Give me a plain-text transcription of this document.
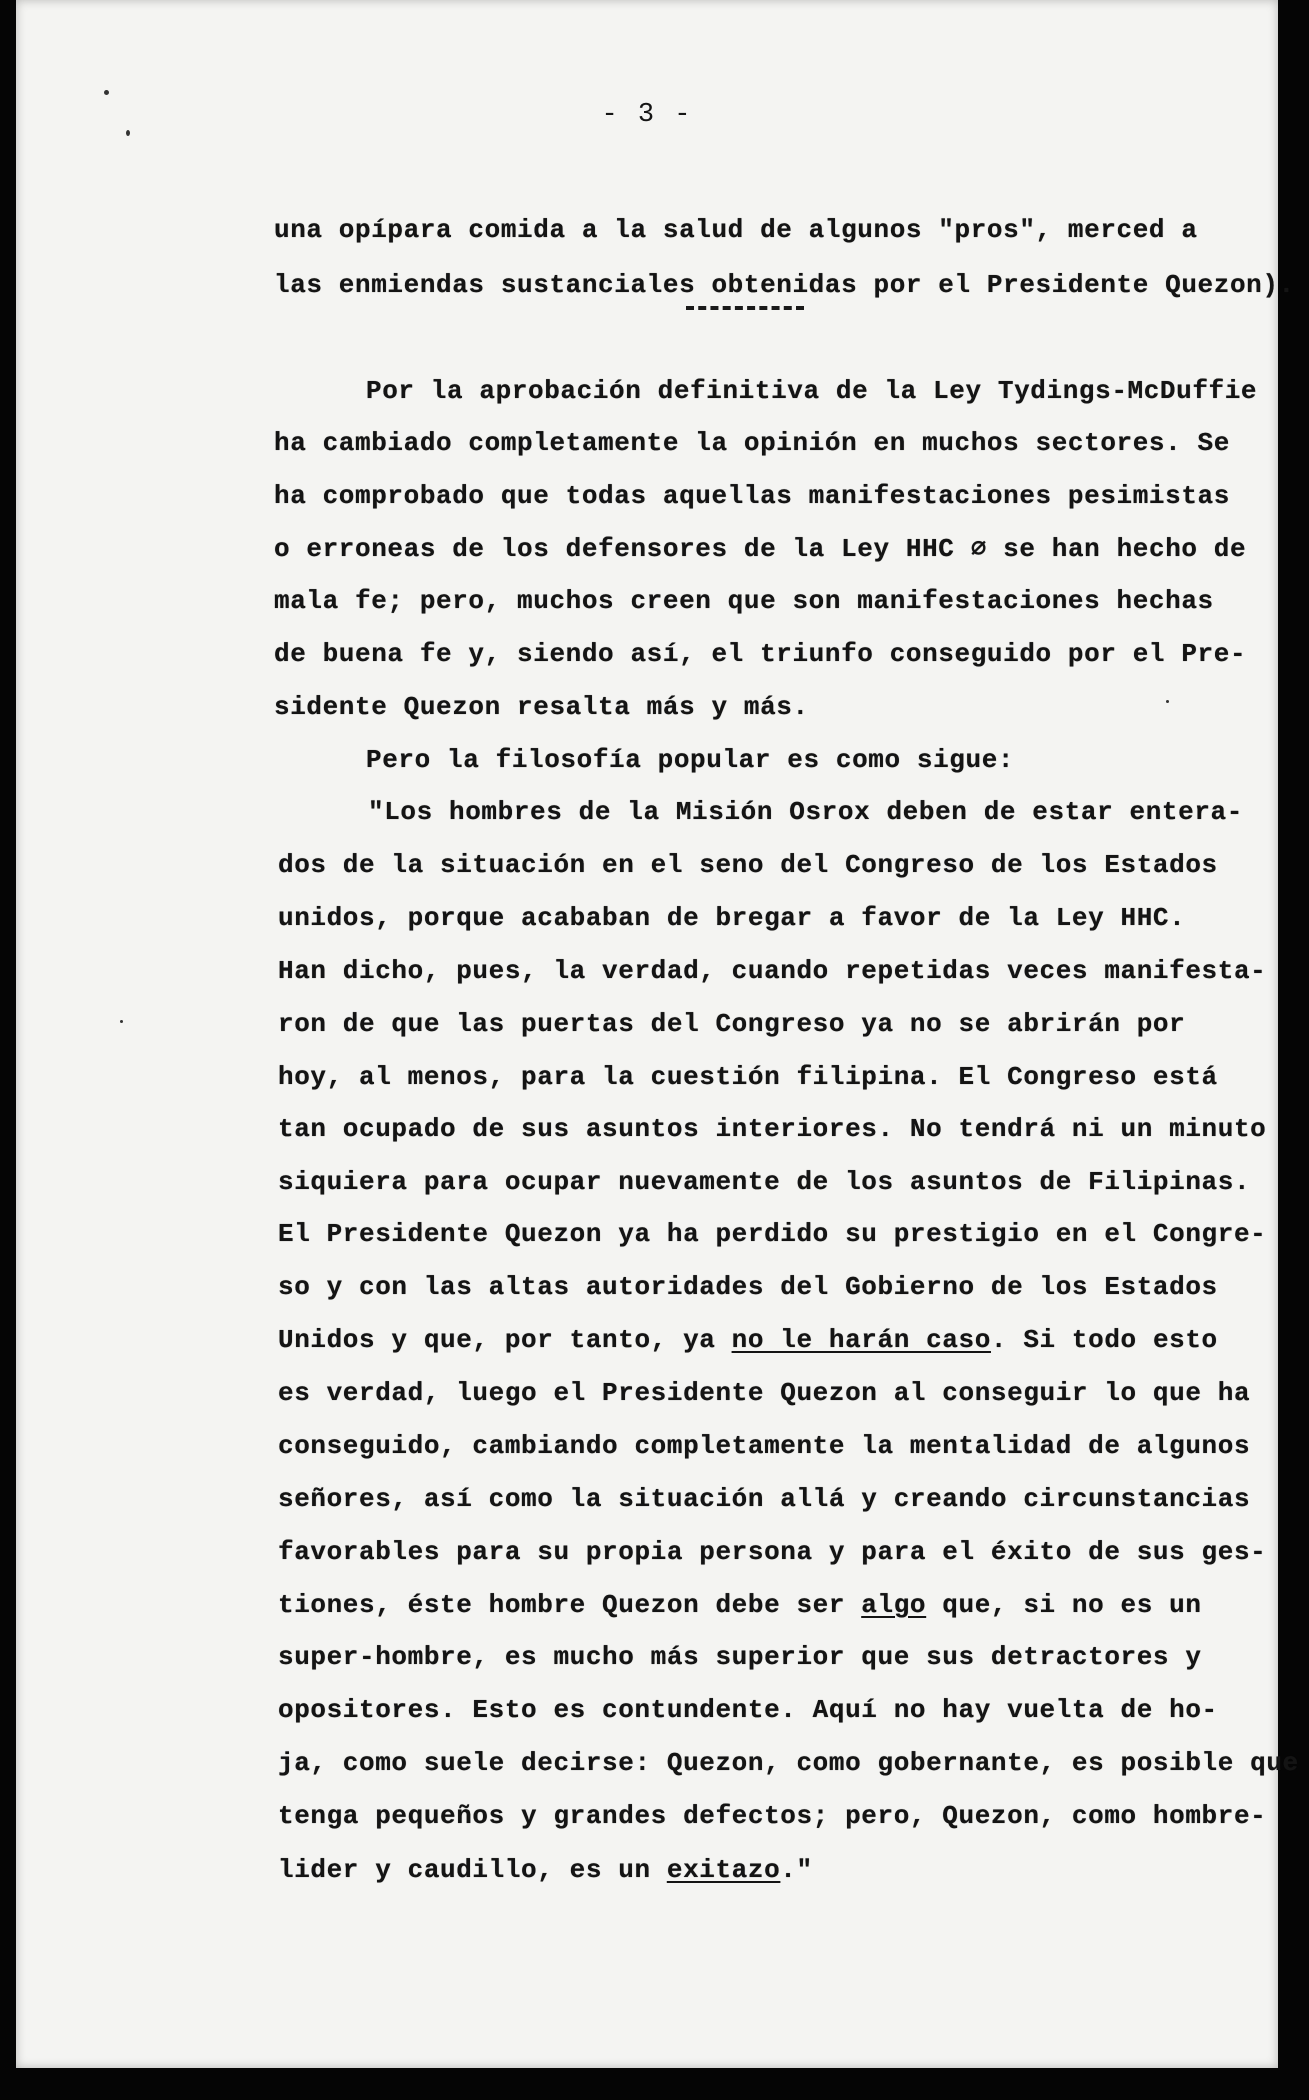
- 3 -
una opípara comida a la salud de algunos "pros", merced a
las enmiendas sustanciales obtenidas por el Presidente Quezon).
Por la aprobación definitiva de la Ley Tydings-McDuffie
ha cambiado completamente la opinión en muchos sectores. Se
ha comprobado que todas aquellas manifestaciones pesimistas
o erroneas de los defensores de la Ley HHC ∅ se han hecho de
mala fe; pero, muchos creen que son manifestaciones hechas
de buena fe y, siendo así, el triunfo conseguido por el Pre-
sidente Quezon resalta más y más.
Pero la filosofía popular es como sigue:
"Los hombres de la Misión Osrox deben de estar entera-
dos de la situación en el seno del Congreso de los Estados
unidos, porque acababan de bregar a favor de la Ley HHC.
Han dicho, pues, la verdad, cuando repetidas veces manifesta-
ron de que las puertas del Congreso ya no se abrirán por
hoy, al menos, para la cuestión filipina. El Congreso está
tan ocupado de sus asuntos interiores. No tendrá ni un minuto
siquiera para ocupar nuevamente de los asuntos de Filipinas.
El Presidente Quezon ya ha perdido su prestigio en el Congre-
so y con las altas autoridades del Gobierno de los Estados
Unidos y que, por tanto, ya no le harán caso. Si todo esto
es verdad, luego el Presidente Quezon al conseguir lo que ha
conseguido, cambiando completamente la mentalidad de algunos
señores, así como la situación allá y creando circunstancias
favorables para su propia persona y para el éxito de sus ges-
tiones, éste hombre Quezon debe ser algo que, si no es un
super-hombre, es mucho más superior que sus detractores y
opositores. Esto es contundente. Aquí no hay vuelta de ho-
ja, como suele decirse: Quezon, como gobernante, es posible que
tenga pequeños y grandes defectos; pero, Quezon, como hombre-
lider y caudillo, es un exitazo."
